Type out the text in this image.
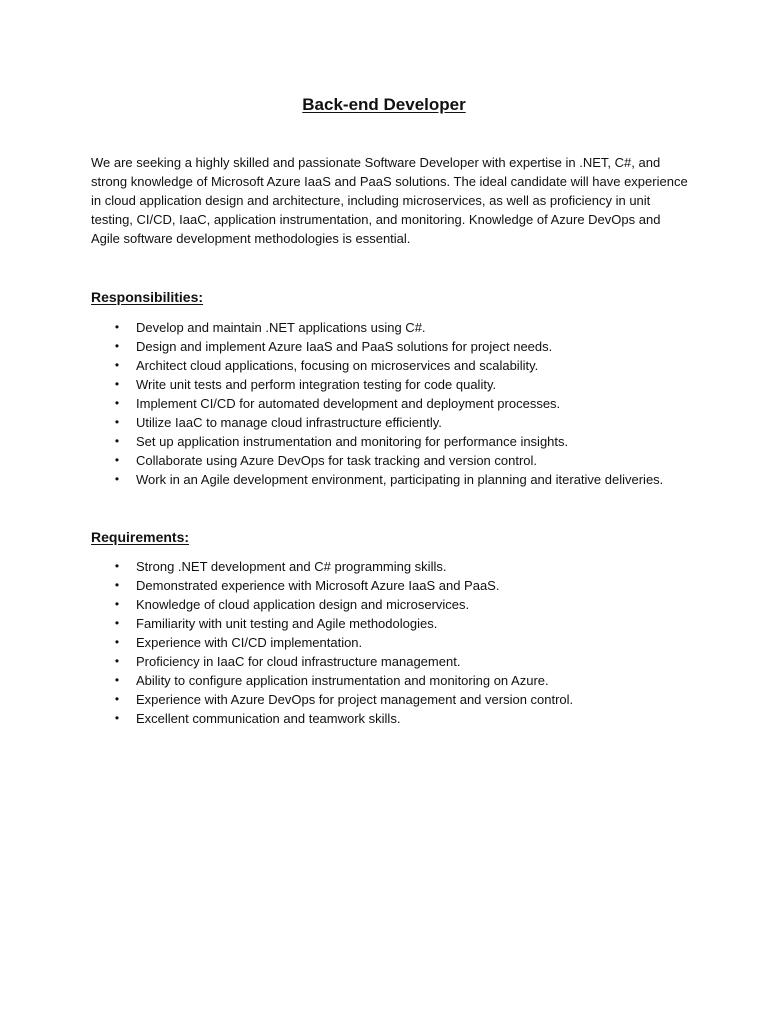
Back-end Developer

We are seeking a highly skilled and passionate Software Developer with expertise in .NET, C#, and strong knowledge of Microsoft Azure IaaS and PaaS solutions. The ideal candidate will have experience in cloud application design and architecture, including microservices, as well as proficiency in unit testing, CI/CD, IaaC, application instrumentation, and monitoring. Knowledge of Azure DevOps and Agile software development methodologies is essential.

Responsibilities:
• Develop and maintain .NET applications using C#.
• Design and implement Azure IaaS and PaaS solutions for project needs.
• Architect cloud applications, focusing on microservices and scalability.
• Write unit tests and perform integration testing for code quality.
• Implement CI/CD for automated development and deployment processes.
• Utilize IaaC to manage cloud infrastructure efficiently.
• Set up application instrumentation and monitoring for performance insights.
• Collaborate using Azure DevOps for task tracking and version control.
• Work in an Agile development environment, participating in planning and iterative deliveries.
Requirements:
• Strong .NET development and C# programming skills.
• Demonstrated experience with Microsoft Azure IaaS and PaaS.
• Knowledge of cloud application design and microservices.
• Familiarity with unit testing and Agile methodologies.
• Experience with CI/CD implementation.
• Proficiency in IaaC for cloud infrastructure management.
• Ability to configure application instrumentation and monitoring on Azure.
• Experience with Azure DevOps for project management and version control.
• Excellent communication and teamwork skills.
